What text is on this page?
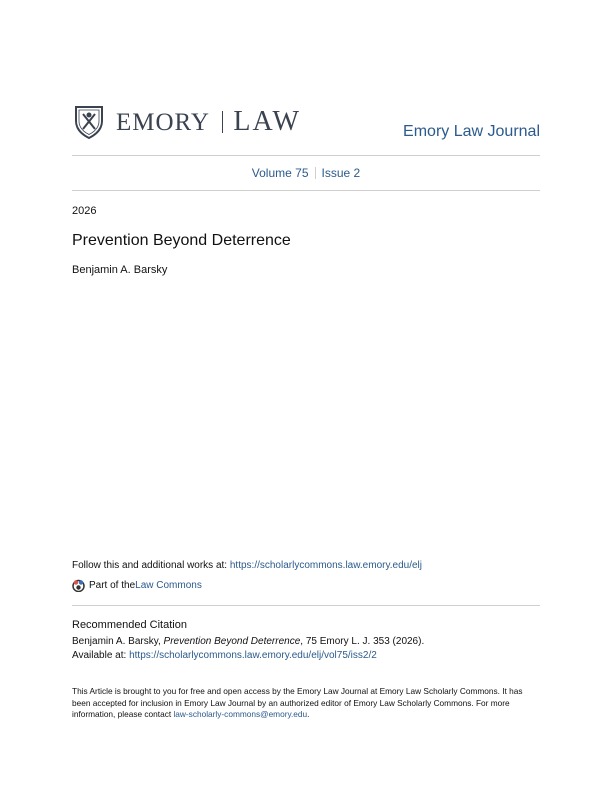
EMORY LAW	Emory Law Journal
Volume 75 Issue 2
2026
Prevention Beyond Deterrence
Benjamin A. Barsky
Follow this and additional works at: https://scholarlycommons.law.emory.edu/elj
Part of the Law Commons
Recommended Citation
Benjamin A. Barsky, Prevention Beyond Deterrence, 75 Emory L. J. 353 (2026).
Available at: https://scholarlycommons.law.emory.edu/elj/vol75/iss2/2
This Article is brought to you for free and open access by the Emory Law Journal at Emory Law Scholarly Commons. It has been accepted for inclusion in Emory Law Journal by an authorized editor of Emory Law Scholarly Commons. For more information, please contact law-scholarly-commons@emory.edu.
